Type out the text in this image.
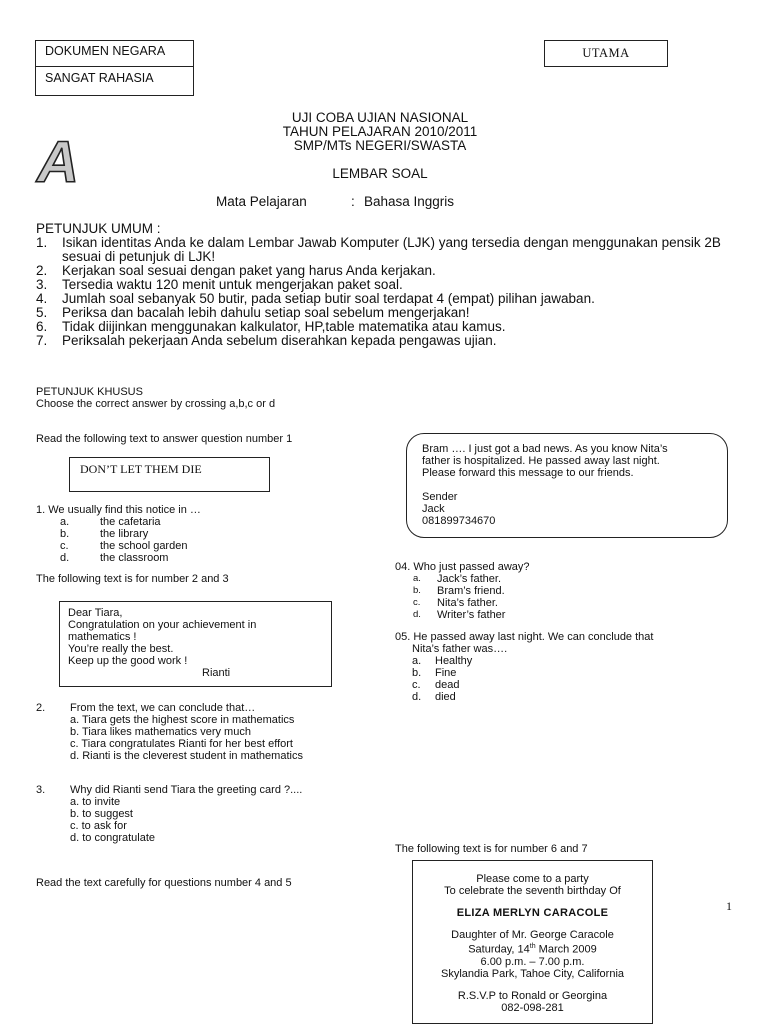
DOKUMEN NEGARA
SANGAT RAHASIA
UTAMA
UJI COBA UJIAN NASIONAL
TAHUN PELAJARAN 2010/2011
SMP/MTs NEGERI/SWASTA
LEMBAR SOAL
A
Mata Pelajaran	: Bahasa Inggris
PETUNJUK UMUM :
1.	Isikan identitas Anda ke dalam Lembar Jawab Komputer (LJK) yang tersedia dengan menggunakan pensik 2B sesuai di petunjuk di LJK!
2.	Kerjakan soal sesuai dengan paket yang harus Anda kerjakan.
3.	Tersedia waktu 120 menit untuk mengerjakan paket soal.
4.	Jumlah soal sebanyak 50 butir, pada setiap butir soal terdapat 4 (empat) pilihan jawaban.
5.	Periksa dan bacalah lebih dahulu setiap soal sebelum mengerjakan!
6.	Tidak diijinkan menggunakan kalkulator, HP,table matematika atau kamus.
7.	Periksalah pekerjaan Anda sebelum diserahkan kepada pengawas ujian.
PETUNJUK KHUSUS
Choose the correct answer by crossing a,b,c or d
Read the following text to answer question number 1
DON’T LET THEM DIE
1. We usually find this notice in …
a.	the cafetaria
b.	the library
c.	the school garden
d.	the classroom
The following text is for number 2 and 3
Dear Tiara,
Congratulation on your achievement in
mathematics !
You’re really the best.
Keep up the good work !
Rianti
2.	From the text, we can conclude that…
a. Tiara gets the highest score in mathematics
b. Tiara likes mathematics very much
c. Tiara congratulates Rianti for her best effort
d. Rianti is the cleverest student in mathematics
3.	Why did Rianti send Tiara the greeting card ?....
a. to invite
b. to suggest
c. to ask for
d. to congratulate
Read the text carefully for questions number 4 and 5
Bram …. I just got a bad news. As you know Nita’s
father is hospitalized. He passed away last night.
Please forward this message to our friends.
Sender
Jack
081899734670
04. Who just passed away?
a.	Jack’s father.
b.	Bram’s friend.
c.	Nita’s father.
d.	Writer’s father
05. He passed away last night. We can conclude that
Nita’s father was….
a.	Healthy
b.	Fine
c.	dead
d.	died
The following text is for number 6 and 7
Please come to a party
To celebrate the seventh birthday Of
ELIZA MERLYN CARACOLE
Daughter of Mr. George Caracole
Saturday, 14th March 2009
6.00 p.m. – 7.00 p.m.
Skylandia Park, Tahoe City, California
R.S.V.P to Ronald or Georgina
082-098-281
1
